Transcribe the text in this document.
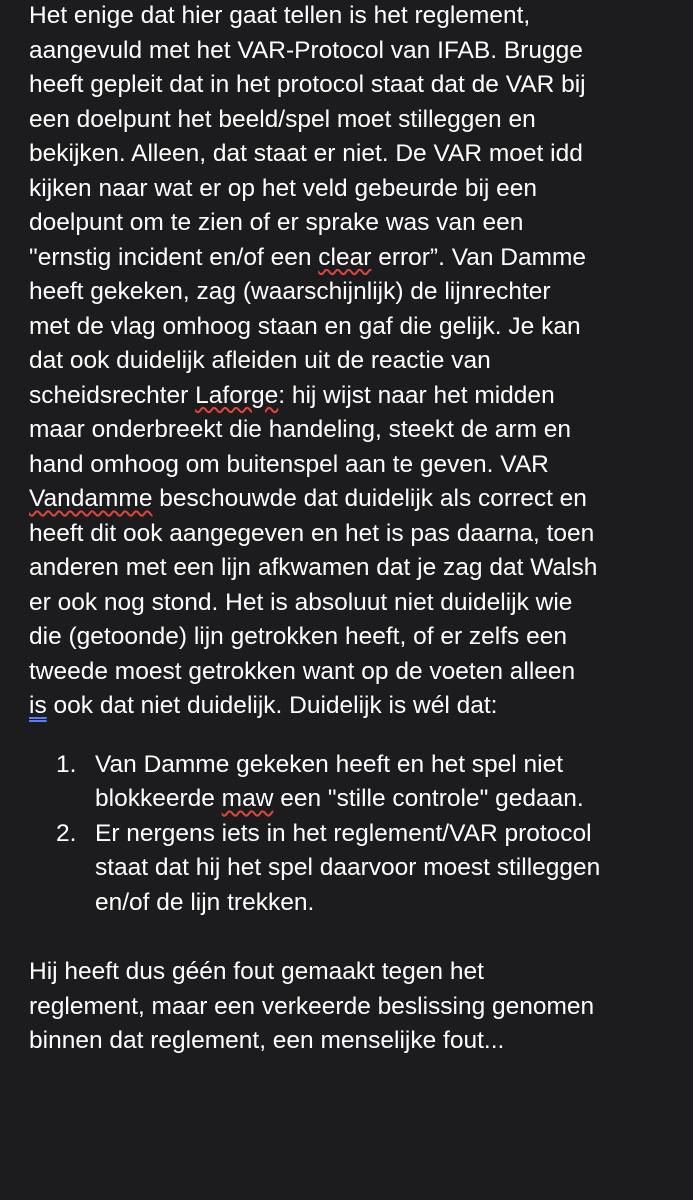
Het enige dat hier gaat tellen is het reglement,
aangevuld met het VAR-Protocol van IFAB. Brugge
heeft gepleit dat in het protocol staat dat de VAR bij
een doelpunt het beeld/spel moet stilleggen en
bekijken. Alleen, dat staat er niet. De VAR moet idd
kijken naar wat er op het veld gebeurde bij een
doelpunt om te zien of er sprake was van een
"ernstig incident en/of een clear error”. Van Damme
heeft gekeken, zag (waarschijnlijk) de lijnrechter
met de vlag omhoog staan en gaf die gelijk. Je kan
dat ook duidelijk afleiden uit de reactie van
scheidsrechter Laforge: hij wijst naar het midden
maar onderbreekt die handeling, steekt de arm en
hand omhoog om buitenspel aan te geven. VAR
Vandamme beschouwde dat duidelijk als correct en
heeft dit ook aangegeven en het is pas daarna, toen
anderen met een lijn afkwamen dat je zag dat Walsh
er ook nog stond. Het is absoluut niet duidelijk wie
die (getoonde) lijn getrokken heeft, of er zelfs een
tweede moest getrokken want op de voeten alleen
is ook dat niet duidelijk. Duidelijk is wél dat:
1. Van Damme gekeken heeft en het spel niet
blokkeerde maw een "stille controle" gedaan.
2. Er nergens iets in het reglement/VAR protocol
staat dat hij het spel daarvoor moest stilleggen
en/of de lijn trekken.
Hij heeft dus géén fout gemaakt tegen het
reglement, maar een verkeerde beslissing genomen
binnen dat reglement, een menselijke fout...
